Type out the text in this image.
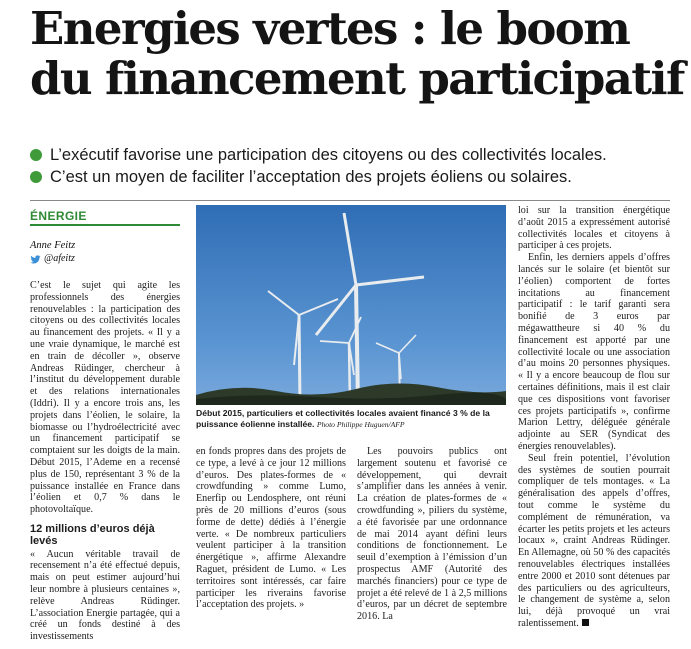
Energies vertes : le boom
du financement participatif
L’exécutif favorise une participation des citoyens ou des collectivités locales.
C’est un moyen de faciliter l’acceptation des projets éoliens ou solaires.
ÉNERGIE
Anne Feitz
@afeitz

C’est le sujet qui agite les professionnels des énergies renouvelables : la participation des citoyens ou des collectivités locales au financement des projets. « Il y a une vraie dynamique, le marché est en train de décoller », observe Andreas Rüdinger, chercheur à l’institut du développement durable et des relations internationales (Iddri). Il y a encore trois ans, les projets dans l’éolien, le solaire, la biomasse ou l’hydroélectricité avec un financement participatif se comptaient sur les doigts de la main. Début 2015, l’Ademe en a recensé plus de 150, représentant 3 % de la puissance installée en France dans l’éolien et 0,7 % dans le photovoltaïque.

12 millions d’euros déjà levés

« Aucun véritable travail de recensement n’a été effectué depuis, mais on peut estimer aujourd’hui leur nombre à plusieurs centaines », relève Andreas Rüdinger. L’association Energie partagée, qui a créé un fonds destiné à des investissements

Début 2015, particuliers et collectivités locales avaient financé 3 % de la puissance éolienne installée. Photo Philippe Huguen/AFP

en fonds propres dans des projets de ce type, a levé à ce jour 12 millions d’euros. Des plates-formes de « crowdfunding » comme Lumo, Enerfip ou Lendosphere, ont réuni près de 20 millions d’euros (sous forme de dette) dédiés à l’énergie verte. « De nombreux particuliers veulent participer à la transition énergétique », affirme Alexandre Raguet, président de Lumo. « Les territoires sont intéressés, car faire participer les riverains favorise l’acceptation des projets. »

Les pouvoirs publics ont largement soutenu et favorisé ce développement, qui devrait s’amplifier dans les années à venir. La création de plates-formes de « crowdfunding », piliers du système, a été favorisée par une ordonnance de mai 2014 ayant défini leurs conditions de fonctionnement. Le seuil d’exemption à l’émission d’un prospectus AMF (Autorité des marchés financiers) pour ce type de projet a été relevé de 1 à 2,5 millions d’euros, par un décret de septembre 2016. La

loi sur la transition énergétique d’août 2015 a expressément autorisé collectivités locales et citoyens à participer à ces projets.

Enfin, les derniers appels d’offres lancés sur le solaire (et bientôt sur l’éolien) comportent de fortes incitations au financement participatif : le tarif garanti sera bonifié de 3 euros par mégawattheure si 40 % du financement est apporté par une collectivité locale ou une association d’au moins 20 personnes physiques. « Il y a encore beaucoup de flou sur certaines définitions, mais il est clair que ces dispositions vont favoriser ces projets participatifs », confirme Marion Lettry, déléguée générale adjointe au SER (Syndicat des énergies renouvelables).

Seul frein potentiel, l’évolution des systèmes de soutien pourrait compliquer de tels montages. « La généralisation des appels d’offres, tout comme le système du complément de rémunération, va écarter les petits projets et les acteurs locaux », craint Andreas Rüdinger. En Allemagne, où 50 % des capacités renouvelables électriques installées entre 2000 et 2010 sont détenues par des particuliers ou des agriculteurs, le changement de système a, selon lui, déjà provoqué un vrai ralentissement.
